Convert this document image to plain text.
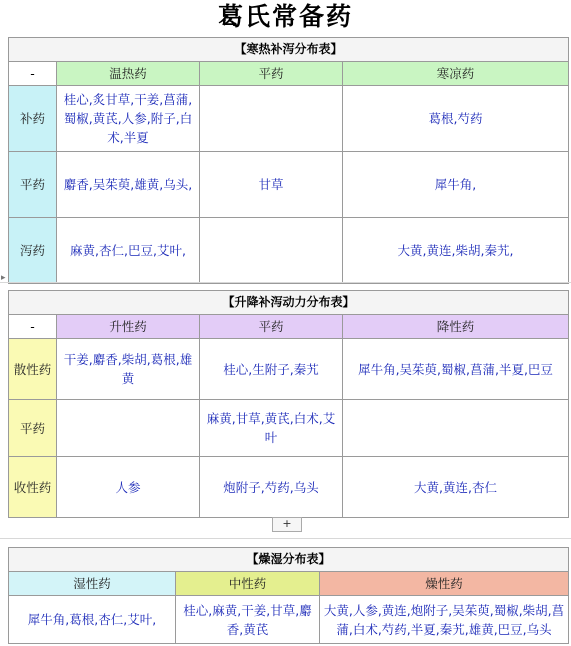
葛氏常备药
【寒热补泻分布表】			
-	温热药	平药	寒凉药
补药	桂心,炙甘草,干姜,菖蒲,蜀椒,黄芪,人参,附子,白术,半夏		葛根,芍药
平药	麝香,吴茱萸,雄黄,乌头,	甘草	犀牛角,
泻药	麻黄,杏仁,巴豆,艾叶,		大黄,黄连,柴胡,秦艽,
▸
【升降补泻动力分布表】			
-	升性药	平药	降性药
散性药	干姜,麝香,柴胡,葛根,雄黄	桂心,生附子,秦艽	犀牛角,吴茱萸,蜀椒,菖蒲,半夏,巴豆
平药		麻黄,甘草,黄芪,白术,艾叶	
收性药	人参	炮附子,芍药,乌头	大黄,黄连,杏仁
+
【燥湿分布表】		
湿性药	中性药	燥性药
犀牛角,葛根,杏仁,艾叶,	桂心,麻黄,干姜,甘草,麝香,黄芪	大黄,人参,黄连,炮附子,吴茱萸,蜀椒,柴胡,菖蒲,白术,芍药,半夏,秦艽,雄黄,巴豆,乌头
